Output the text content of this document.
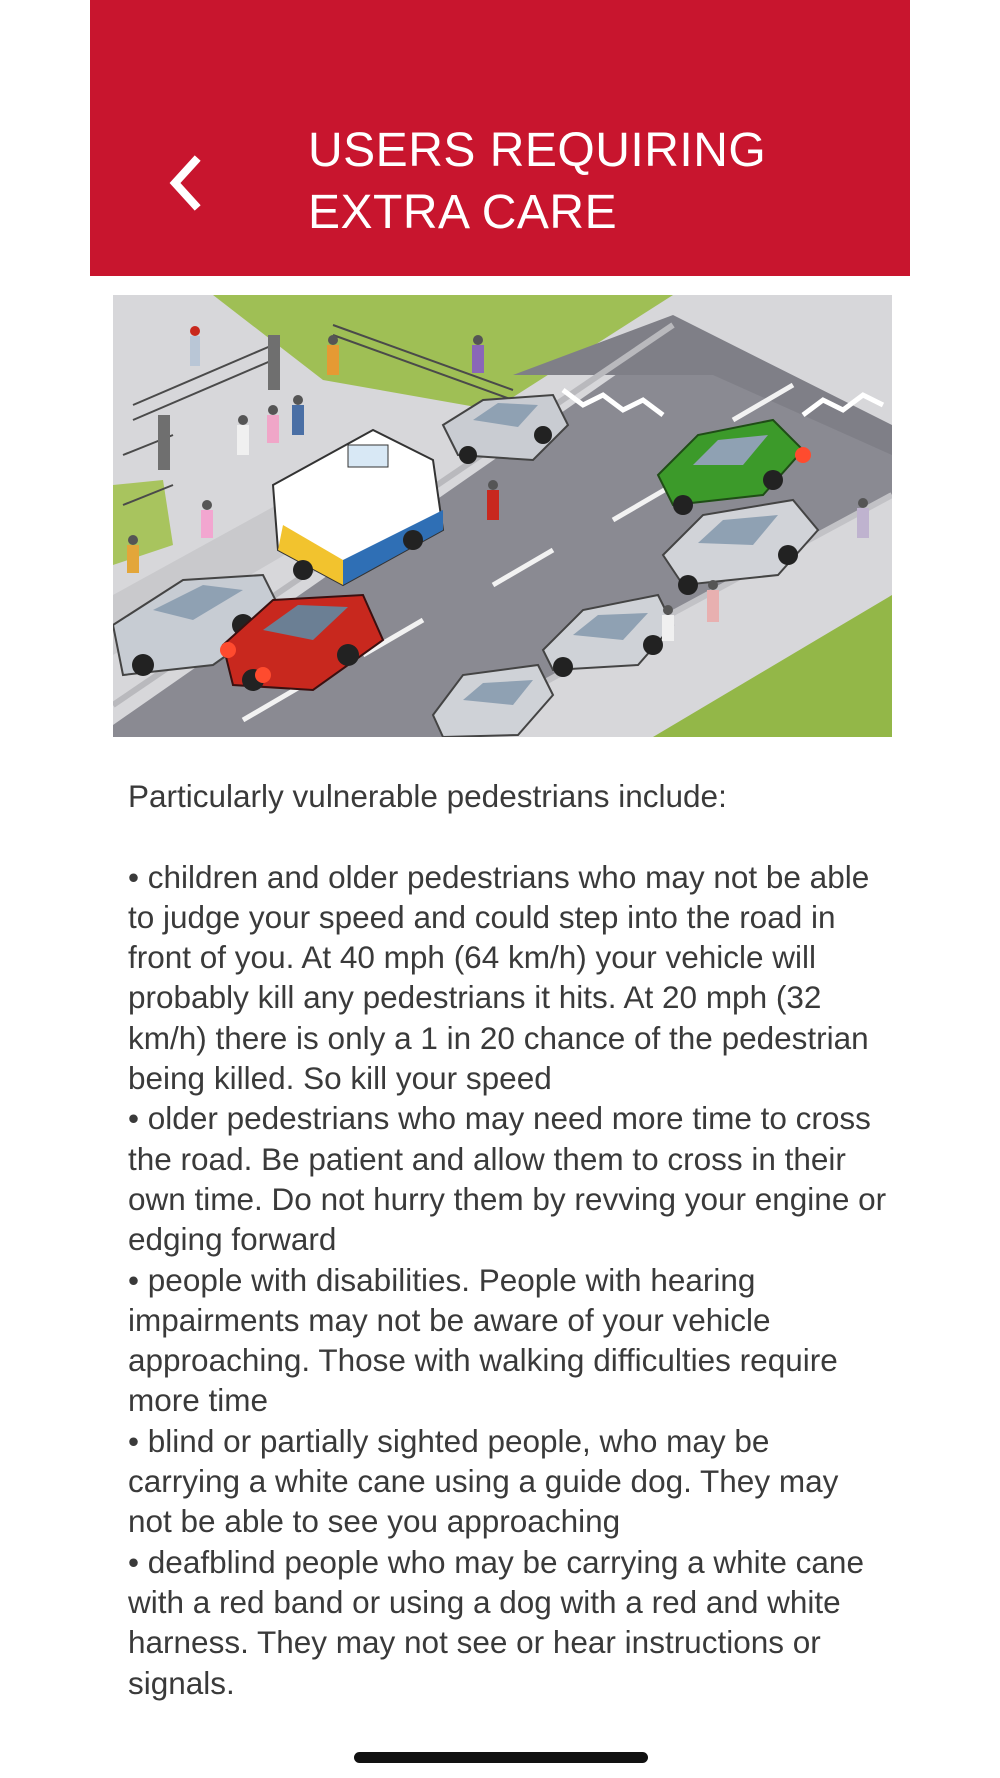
USERS REQUIRING
EXTRA CARE

Particularly vulnerable pedestrians include:

• children and older pedestrians who may not be able to judge your speed and could step into the road in front of you. At 40 mph (64 km/h) your vehicle will probably kill any pedestrians it hits. At 20 mph (32 km/h) there is only a 1 in 20 chance of the pedestrian being killed. So kill your speed

• older pedestrians who may need more time to cross the road. Be patient and allow them to cross in their own time. Do not hurry them by revving your engine or edging forward

• people with disabilities. People with hearing impairments may not be aware of your vehicle approaching. Those with walking difficulties require more time

• blind or partially sighted people, who may be carrying a white cane using a guide dog. They may not be able to see you approaching

• deafblind people who may be carrying a white cane with a red band or using a dog with a red and white harness. They may not see or hear instructions or signals.
